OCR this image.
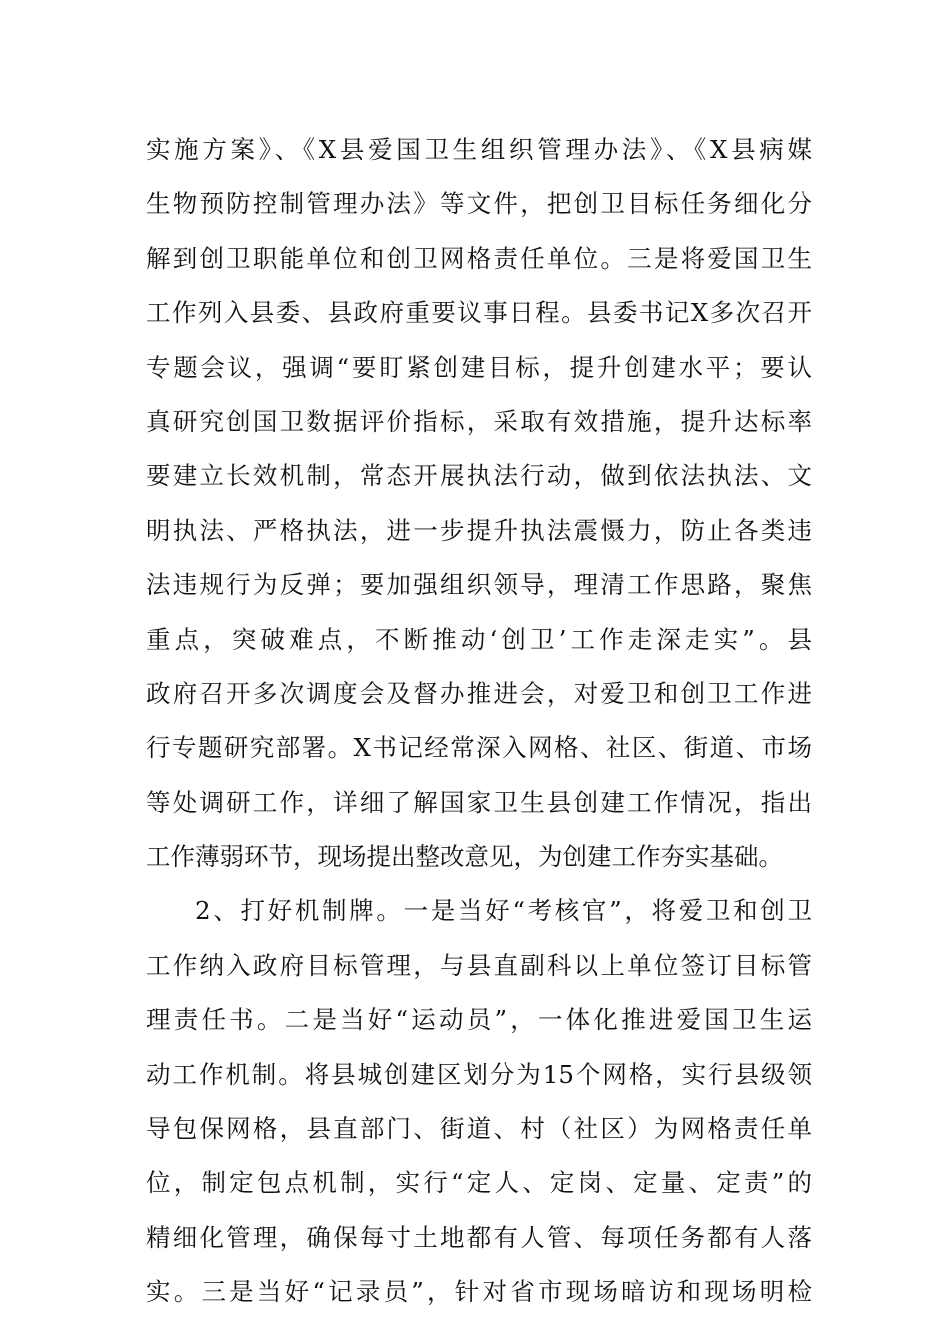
实施方案》、《X县爱国卫生组织管理办法》、《X县病媒
生物预防控制管理办法》等文件，把创卫目标任务细化分
解到创卫职能单位和创卫网格责任单位。三是将爱国卫生
工作列入县委、县政府重要议事日程。县委书记X多次召开
专题会议，强调“要盯紧创建目标，提升创建水平；要认
真研究创国卫数据评价指标，采取有效措施，提升达标率
要建立长效机制，常态开展执法行动，做到依法执法、文
明执法、严格执法，进一步提升执法震慑力，防止各类违
法违规行为反弹；要加强组织领导，理清工作思路，聚焦
重点，突破难点，不断推动‘创卫’工作走深走实”。县
政府召开多次调度会及督办推进会，对爱卫和创卫工作进
行专题研究部署。X书记经常深入网格、社区、街道、市场
等处调研工作，详细了解国家卫生县创建工作情况，指出
工作薄弱环节，现场提出整改意见，为创建工作夯实基础。
2、打好机制牌。一是当好“考核官”，将爱卫和创卫
工作纳入政府目标管理，与县直副科以上单位签订目标管
理责任书。二是当好“运动员”，一体化推进爱国卫生运
动工作机制。将县城创建区划分为15个网格，实行县级领
导包保网格，县直部门、街道、村（社区）为网格责任单
位，制定包点机制，实行“定人、定岗、定量、定责”的
精细化管理，确保每寸土地都有人管、每项任务都有人落
实。三是当好“记录员”，针对省市现场暗访和现场明检
